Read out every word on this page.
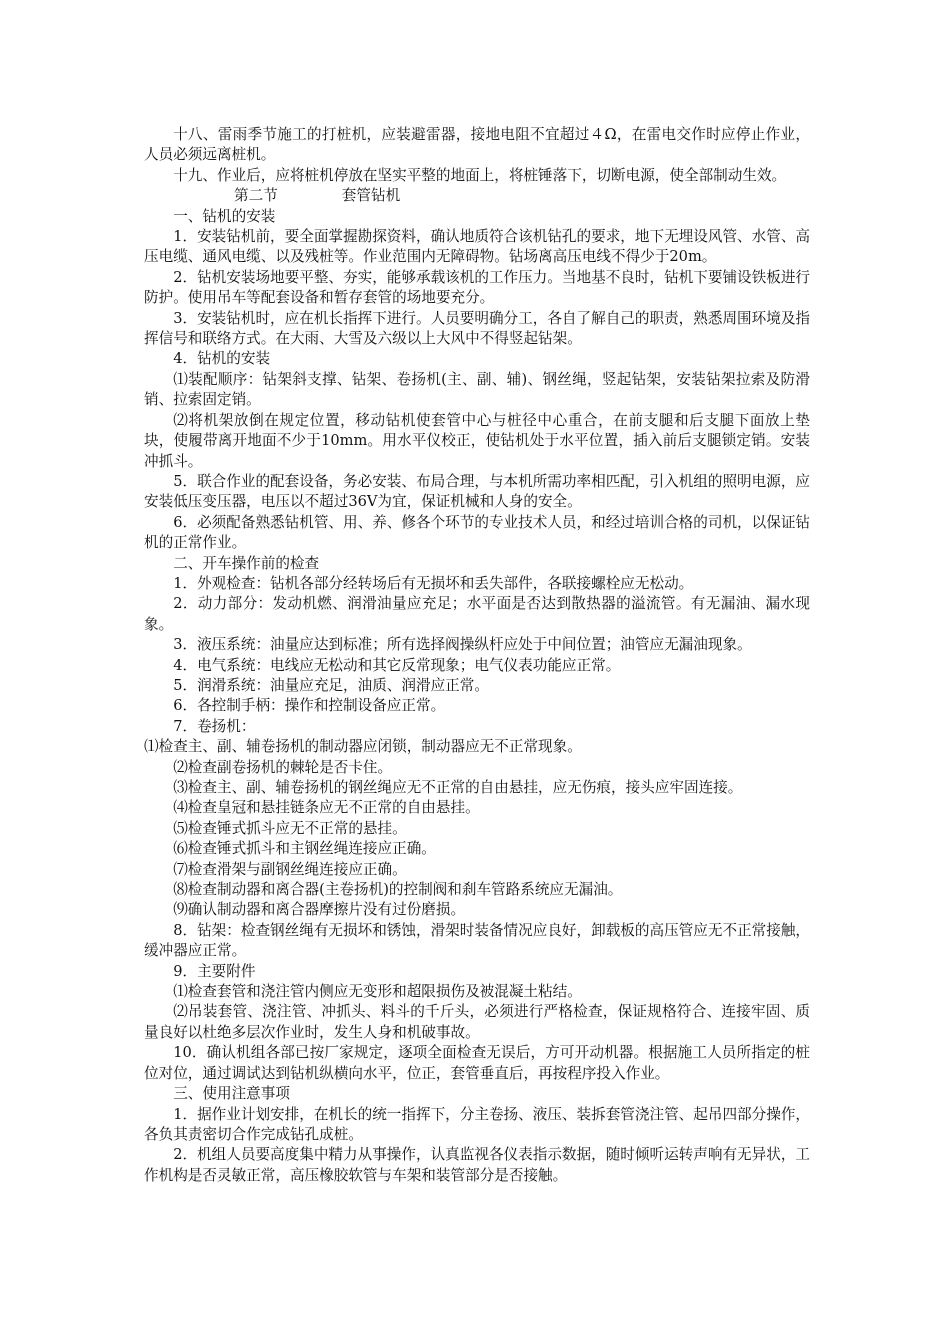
十八、雷雨季节施工的打桩机，应装避雷器，接地电阻不宜超过４Ω，在雷电交作时应停止作业，人员必须远离桩机。

十九、作业后，应将桩机停放在坚实平整的地面上，将桩锤落下，切断电源，使全部制动生效。

第二节	套管钻机

一、钻机的安装

1．安装钻机前，要全面掌握勘探资料，确认地质符合该机钻孔的要求，地下无埋设风管、水管、高压电缆、通风电缆、以及残桩等。作业范围内无障碍物。钻场离高压电线不得少于20m。

2．钻机安装场地要平整、夯实，能够承载该机的工作压力。当地基不良时，钻机下要铺设铁板进行防护。使用吊车等配套设备和暂存套管的场地要充分。

3．安装钻机时，应在机长指挥下进行。人员要明确分工，各自了解自己的职责，熟悉周围环境及指挥信号和联络方式。在大雨、大雪及六级以上大风中不得竖起钻架。

4．钻机的安装

⑴装配顺序：钻架斜支撑、钻架、卷扬机(主、副、辅)、钢丝绳，竖起钻架，安装钻架拉索及防滑销、拉索固定销。

⑵将机架放倒在规定位置，移动钻机使套管中心与桩径中心重合，在前支腿和后支腿下面放上垫块，使履带离开地面不少于10mm。用水平仪校正，使钻机处于水平位置，插入前后支腿锁定销。安装冲抓斗。

5．联合作业的配套设备，务必安装、布局合理，与本机所需功率相匹配，引入机组的照明电源，应安装低压变压器，电压以不超过36V为宜，保证机械和人身的安全。

6．必须配备熟悉钻机管、用、养、修各个环节的专业技术人员，和经过培训合格的司机，以保证钻机的正常作业。

二、开车操作前的检查

1．外观检查：钻机各部分经转场后有无损坏和丢失部件，各联接螺栓应无松动。

2．动力部分：发动机燃、润滑油量应充足；水平面是否达到散热器的溢流管。有无漏油、漏水现象。

3．液压系统：油量应达到标准；所有选择阀操纵杆应处于中间位置；油管应无漏油现象。

4．电气系统：电线应无松动和其它反常现象；电气仪表功能应正常。

5．润滑系统：油量应充足，油质、润滑应正常。

6．各控制手柄：操作和控制设备应正常。

7．卷扬机：

⑴检查主、副、辅卷扬机的制动器应闭锁，制动器应无不正常现象。

⑵检查副卷扬机的棘轮是否卡住。

⑶检查主、副、辅卷扬机的钢丝绳应无不正常的自由悬挂，应无伤痕，接头应牢固连接。

⑷检查皇冠和悬挂链条应无不正常的自由悬挂。

⑸检查锤式抓斗应无不正常的悬挂。

⑹检查锤式抓斗和主钢丝绳连接应正确。

⑺检查滑架与副钢丝绳连接应正确。

⑻检查制动器和离合器(主卷扬机)的控制阀和刹车管路系统应无漏油。

⑼确认制动器和离合器摩擦片没有过份磨损。

8．钻架：检查钢丝绳有无损坏和锈蚀，滑架时装备情况应良好，卸载板的高压管应无不正常接触，缓冲器应正常。

9．主要附件

⑴检查套管和浇注管内侧应无变形和超限损伤及被混凝土粘结。

⑵吊装套管、浇注管、冲抓头、料斗的千斤头，必须进行严格检查，保证规格符合、连接牢固、质量良好以杜绝多层次作业时，发生人身和机破事故。

10．确认机组各部已按厂家规定，逐项全面检查无误后，方可开动机器。根据施工人员所指定的桩位对位，通过调试达到钻机纵横向水平，位正，套管垂直后，再按程序投入作业。

三、使用注意事项

1．据作业计划安排，在机长的统一指挥下，分主卷扬、液压、装拆套管浇注管、起吊四部分操作，各负其责密切合作完成钻孔成桩。

2．机组人员要高度集中精力从事操作，认真监视各仪表指示数据，随时倾听运转声响有无异状，工作机构是否灵敏正常，高压橡胶软管与车架和装管部分是否接触。
